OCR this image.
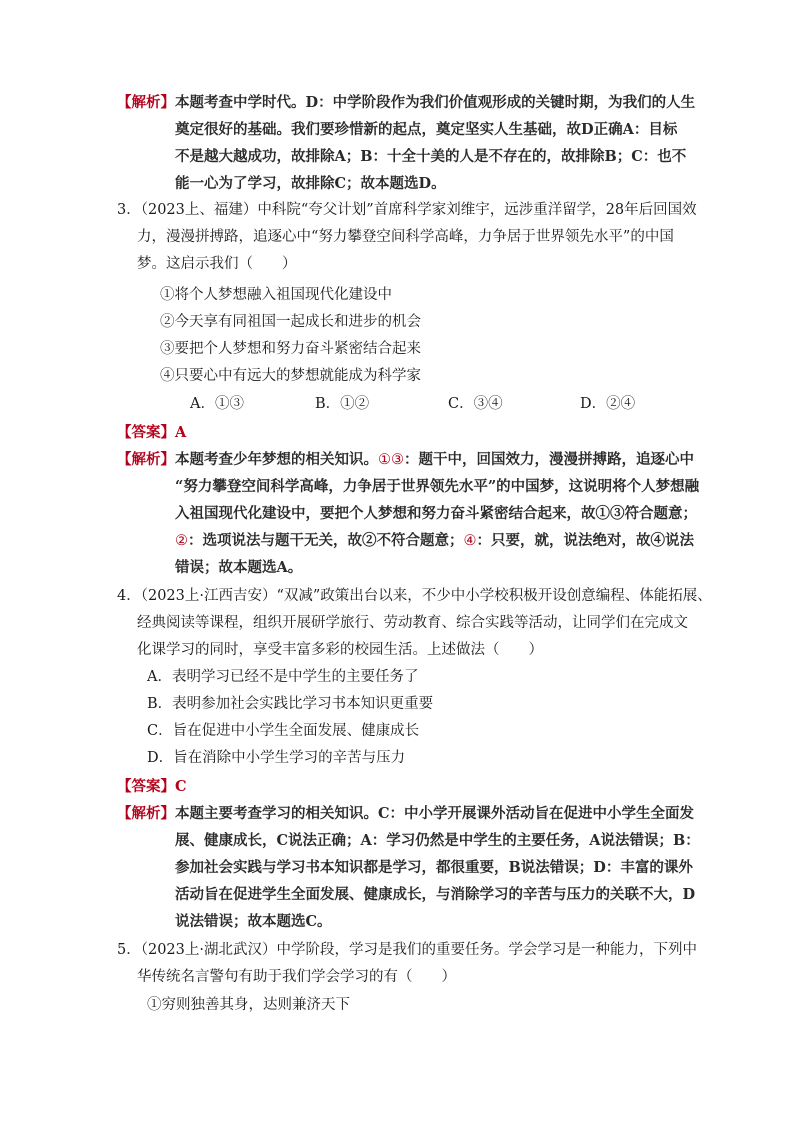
【解析】本题考查中学时代。D：中学阶段作为我们价值观形成的关键时期，为我们的人生
奠定很好的基础。我们要珍惜新的起点，奠定坚实人生基础，故D正确A：目标
不是越大越成功，故排除A；B：十全十美的人是不存在的，故排除B；C：也不
能一心为了学习，故排除C；故本题选D。
3．（2023上、福建）中科院“夸父计划”首席科学家刘维宇，远涉重洋留学，28年后回国效
力，漫漫拼搏路，追逐心中“努力攀登空间科学高峰，力争居于世界领先水平”的中国
梦。这启示我们（　　）
①将个人梦想融入祖国现代化建设中
②今天享有同祖国一起成长和进步的机会
③要把个人梦想和努力奋斗紧密结合起来
④只要心中有远大的梦想就能成为科学家
A．①③	B．①②	C．③④	D．②④
【答案】A
【解析】本题考查少年梦想的相关知识。①③：题干中，回国效力，漫漫拼搏路，追逐心中
“努力攀登空间科学高峰，力争居于世界领先水平”的中国梦，这说明将个人梦想融
入祖国现代化建设中，要把个人梦想和努力奋斗紧密结合起来，故①③符合题意；
②：选项说法与题干无关，故②不符合题意；④：只要，就，说法绝对，故④说法
错误；故本题选A。
4．（2023上·江西吉安）“双减”政策出台以来，不少中小学校积极开设创意编程、体能拓展、
经典阅读等课程，组织开展研学旅行、劳动教育、综合实践等活动，让同学们在完成文
化课学习的同时，享受丰富多彩的校园生活。上述做法（　　）
A．表明学习已经不是中学生的主要任务了
B．表明参加社会实践比学习书本知识更重要
C．旨在促进中小学生全面发展、健康成长
D．旨在消除中小学生学习的辛苦与压力
【答案】C
【解析】本题主要考查学习的相关知识。C：中小学开展课外活动旨在促进中小学生全面发
展、健康成长，C说法正确；A：学习仍然是中学生的主要任务，A说法错误；B：
参加社会实践与学习书本知识都是学习，都很重要，B说法错误；D：丰富的课外
活动旨在促进学生全面发展、健康成长，与消除学习的辛苦与压力的关联不大，D
说法错误；故本题选C。
5．（2023上·湖北武汉）中学阶段，学习是我们的重要任务。学会学习是一种能力，下列中
华传统名言警句有助于我们学会学习的有（　　）
①穷则独善其身，达则兼济天下
